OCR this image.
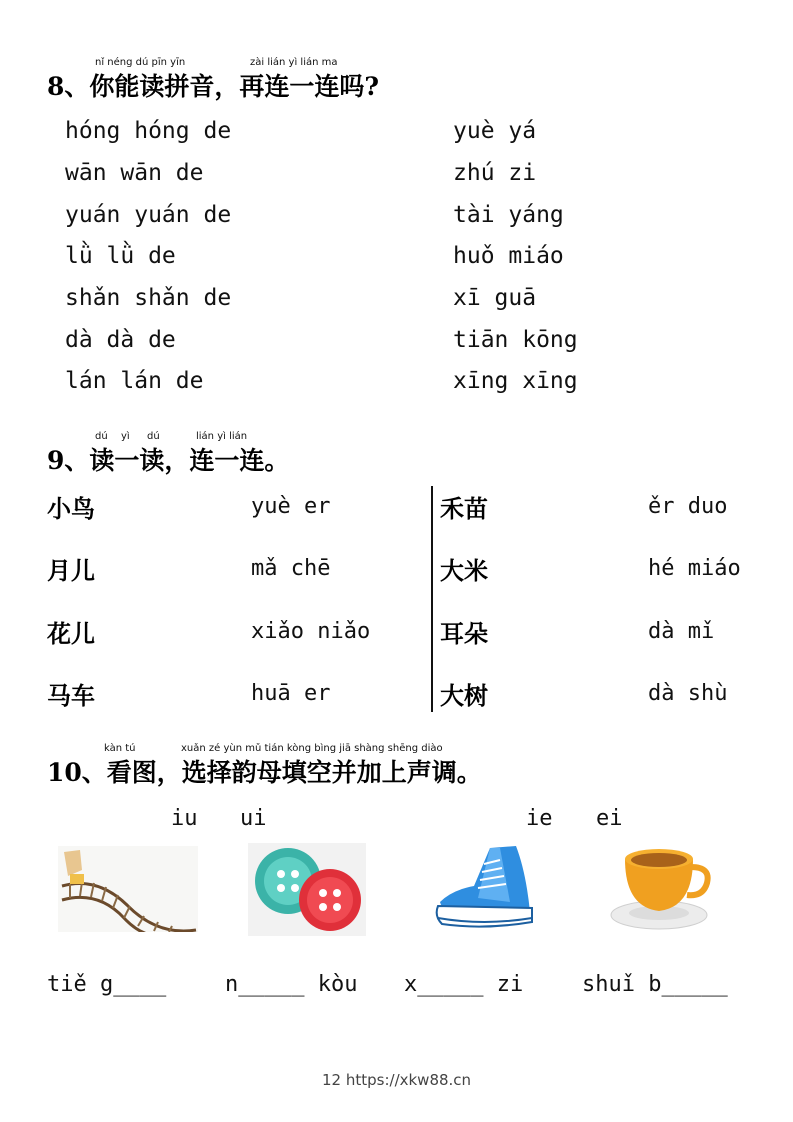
nǐ néng dú pīn yīn	zài lián yì lián ma
8、你能读拼音，再连一连吗?
hóng hóng de
wān wān de
yuán yuán de
lǜ lǜ de
shǎn shǎn de
dà dà de
lán lán de
yuè yá
zhú zi
tài yáng
huǒ miáo
xī guā
tiān kōng
xīng xīng
dú yì dú	lián yì lián
9、读一读，连一连。
小鸟
月儿
花儿
马车
yuè er
mǎ chē
xiǎo niǎo
huā er
禾苗
大米
耳朵
大树
ěr duo
hé miáo
dà mǐ
dà shù
kàn tú	xuǎn zé yùn mǔ tián kòng bìng jiā shàng shēng diào
10、看图，选择韵母填空并加上声调。
iu ui	ie ei
tiě g____	n_____ kòu x_____ zi	shuǐ b_____
12 https://xkw88.cn
